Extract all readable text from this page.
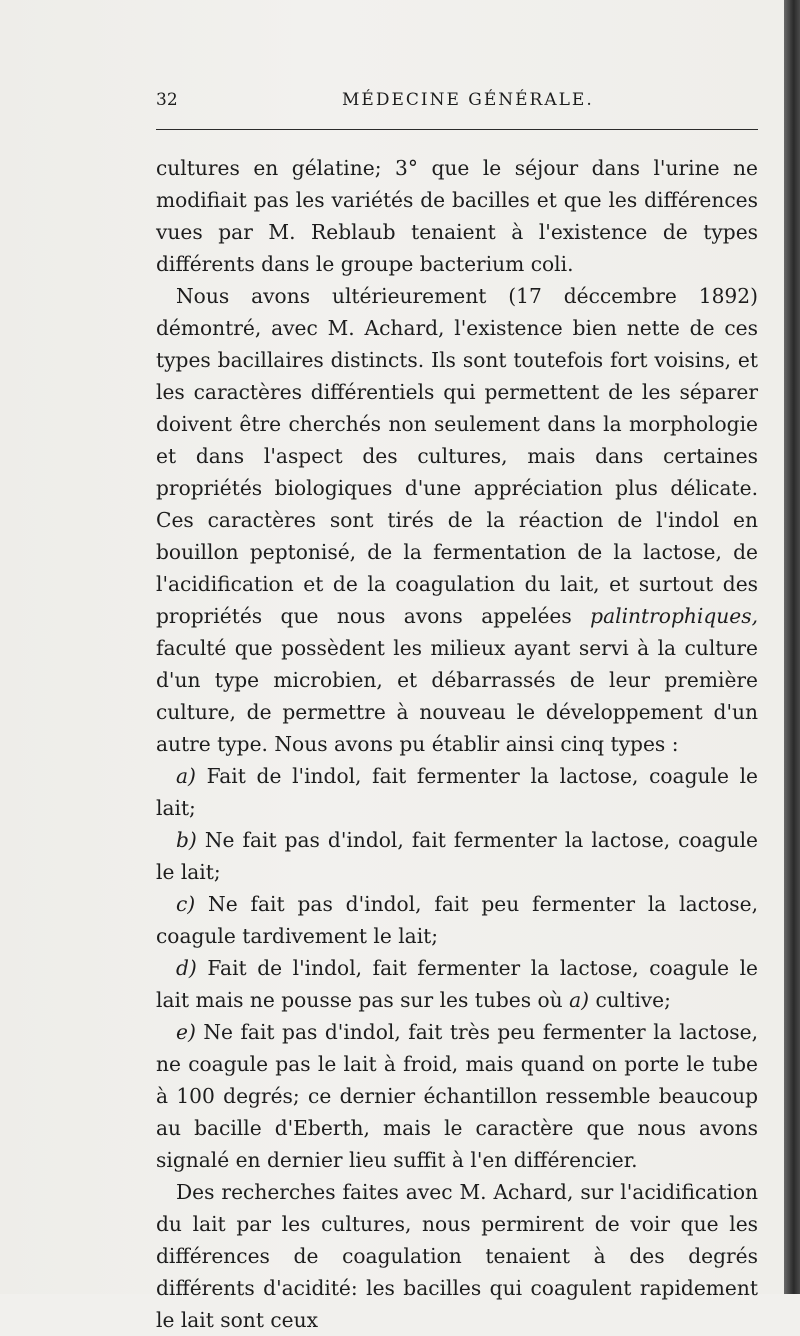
32	MÉDECINE GÉNÉRALE.

cultures en gélatine; 3° que le séjour dans l'urine ne modifiait pas les variétés de bacilles et que les différences vues par M. Reblaub tenaient à l'existence de types différents dans le groupe bacterium coli.

Nous avons ultérieurement (17 déccembre 1892) démontré, avec M. Achard, l'existence bien nette de ces types bacillaires distincts. Ils sont toutefois fort voisins, et les caractères différentiels qui permettent de les séparer doivent être cherchés non seulement dans la morphologie et dans l'aspect des cultures, mais dans certaines propriétés biologiques d'une appréciation plus délicate. Ces caractères sont tirés de la réaction de l'indol en bouillon peptonisé, de la fermentation de la lactose, de l'acidification et de la coagulation du lait, et surtout des propriétés que nous avons appelées palintrophiques, faculté que possèdent les milieux ayant servi à la culture d'un type microbien, et débarrassés de leur première culture, de permettre à nouveau le développement d'un autre type. Nous avons pu établir ainsi cinq types :

a) Fait de l'indol, fait fermenter la lactose, coagule le lait;

b) Ne fait pas d'indol, fait fermenter la lactose, coagule le lait;

c) Ne fait pas d'indol, fait peu fermenter la lactose, coagule tardivement le lait;

d) Fait de l'indol, fait fermenter la lactose, coagule le lait mais ne pousse pas sur les tubes où a) cultive;

e) Ne fait pas d'indol, fait très peu fermenter la lactose, ne coagule pas le lait à froid, mais quand on porte le tube à 100 degrés; ce dernier échantillon ressemble beaucoup au bacille d'Eberth, mais le caractère que nous avons signalé en dernier lieu suffit à l'en différencier.

Des recherches faites avec M. Achard, sur l'acidification du lait par les cultures, nous permirent de voir que les différences de coagulation tenaient à des degrés différents d'acidité: les bacilles qui coagulent rapidement le lait sont ceux
